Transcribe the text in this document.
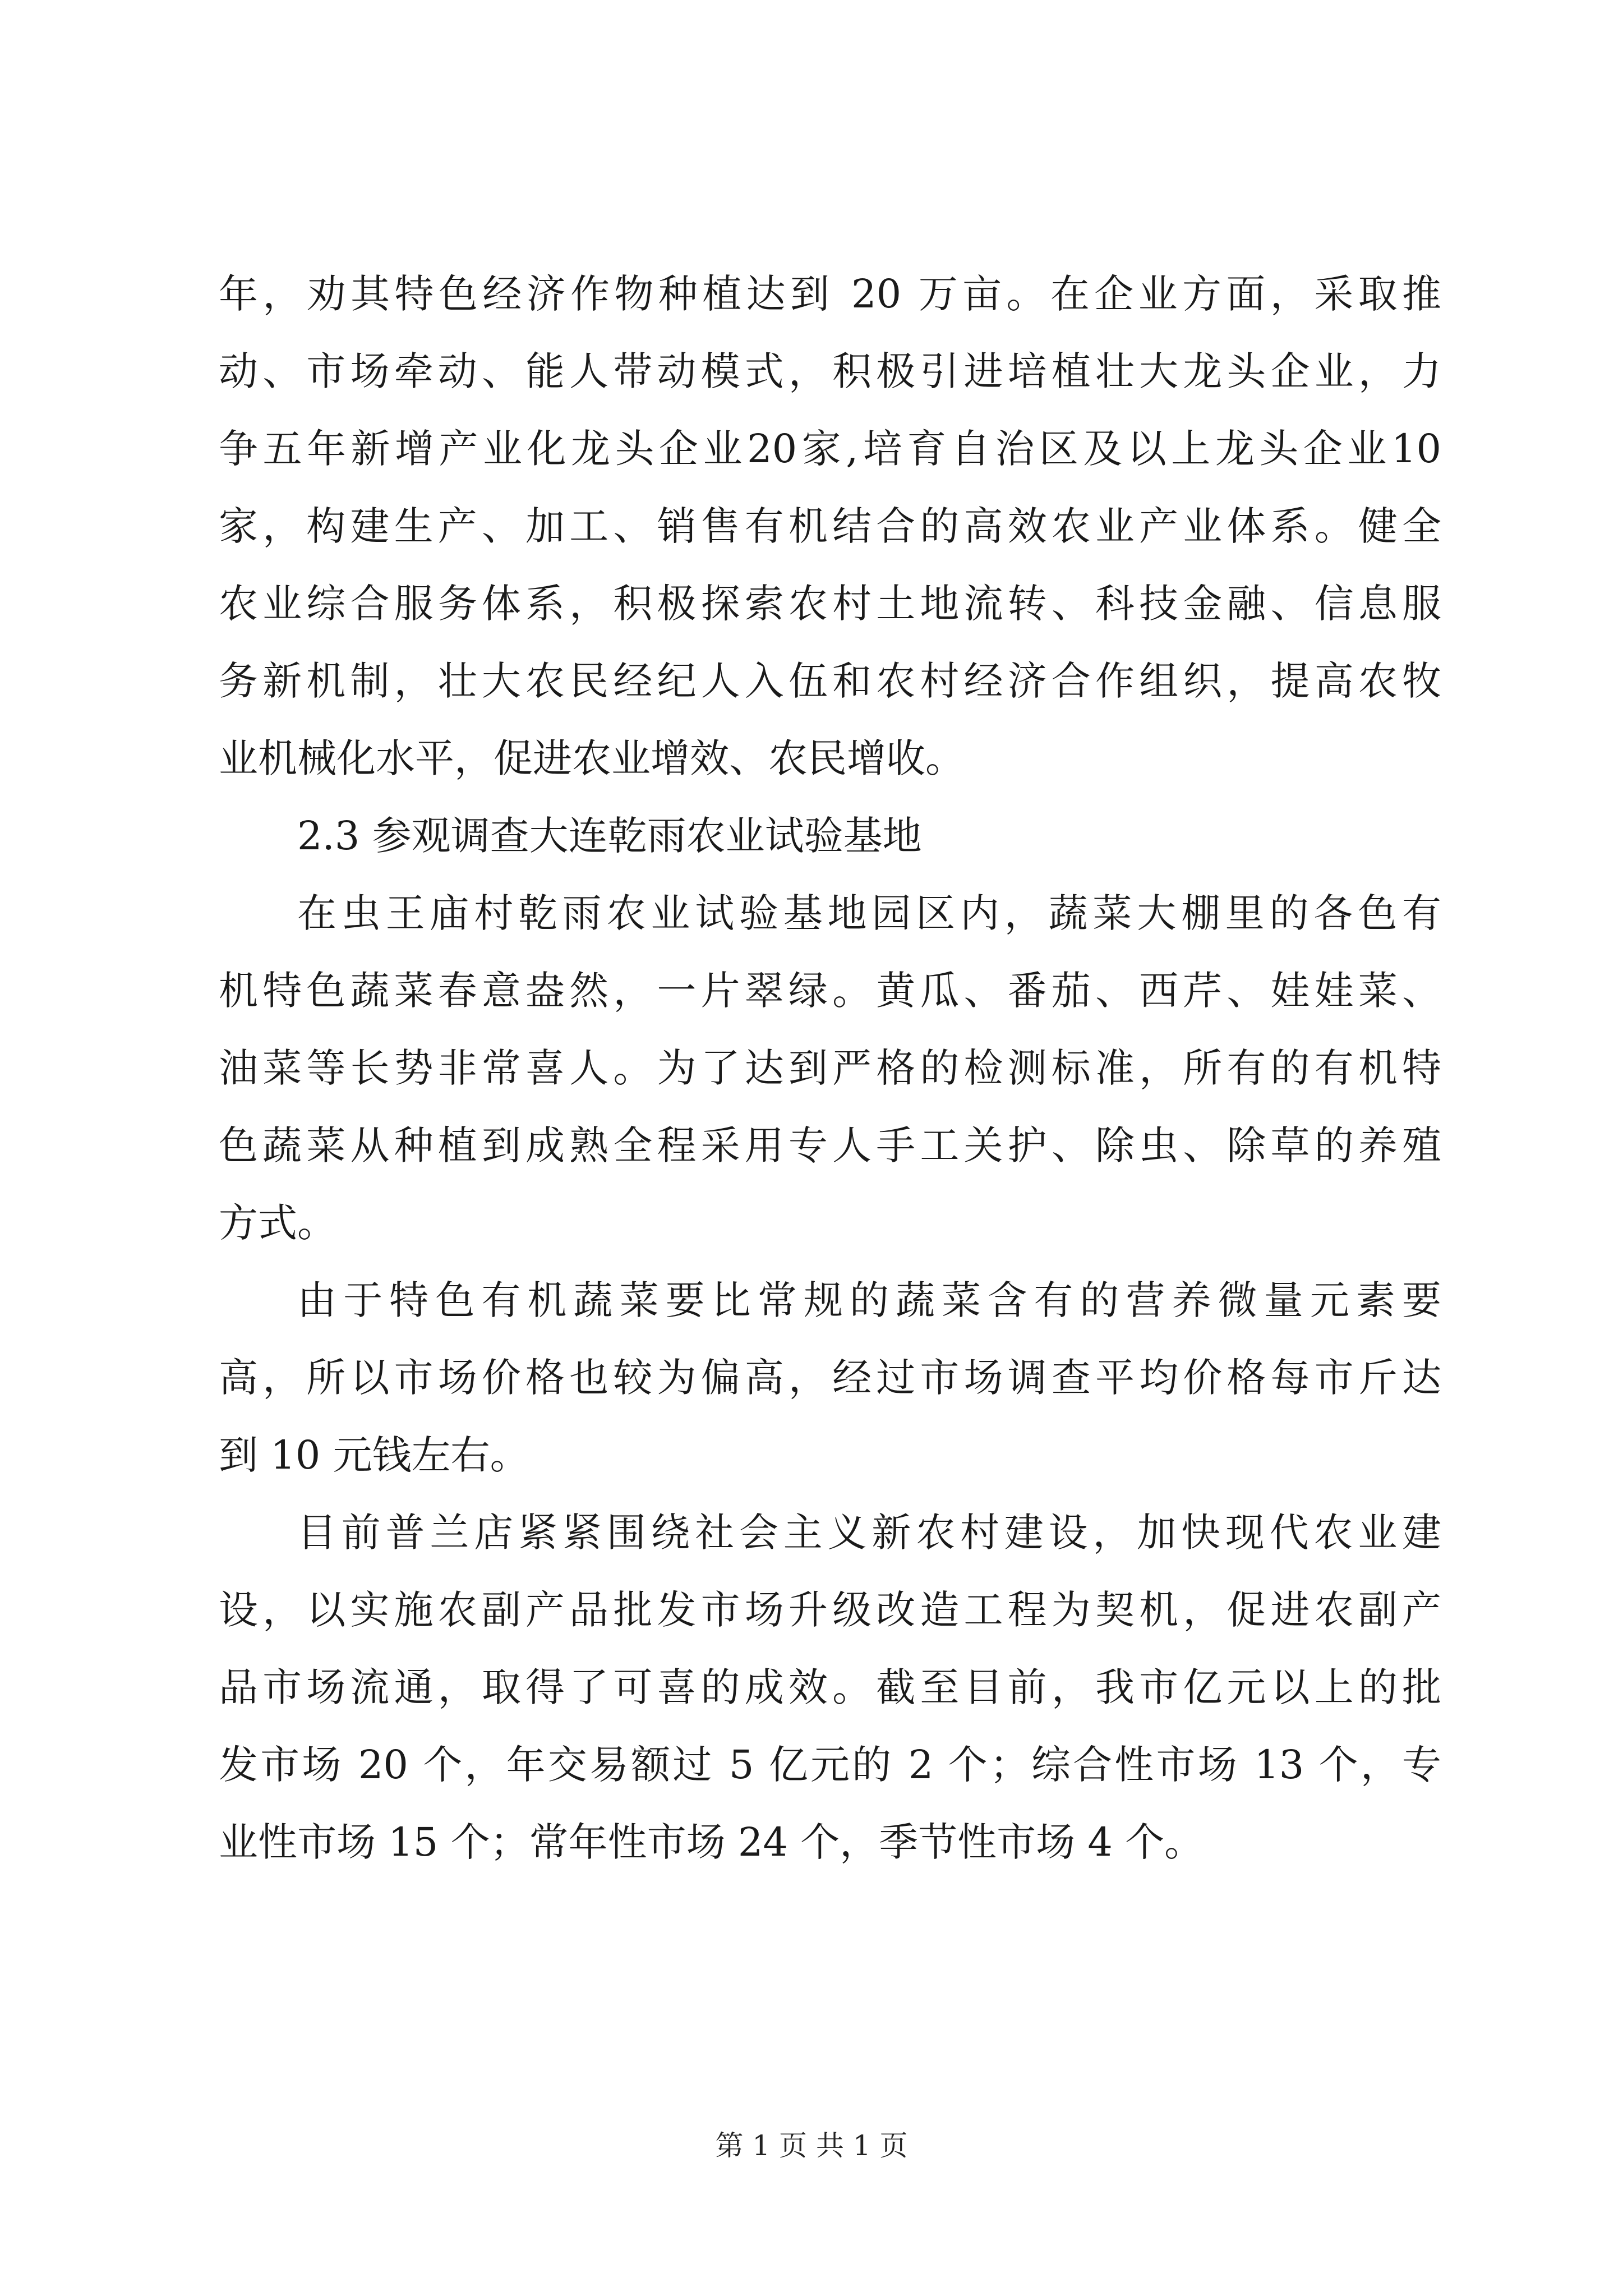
年，劝其特色经济作物种植达到 20 万亩。在企业方面，采取推
动、市场牵动、能人带动模式，积极引进培植壮大龙头企业，力
争五年新增产业化龙头企业20家,培育自治区及以上龙头企业10
家，构建生产、加工、销售有机结合的高效农业产业体系。健全
农业综合服务体系，积极探索农村土地流转、科技金融、信息服
务新机制，壮大农民经纪人入伍和农村经济合作组织，提高农牧
业机械化水平，促进农业增效、农民增收。
2.3 参观调查大连乾雨农业试验基地
在虫王庙村乾雨农业试验基地园区内，蔬菜大棚里的各色有
机特色蔬菜春意盎然，一片翠绿。黄瓜、番茄、西芹、娃娃菜、
油菜等长势非常喜人。为了达到严格的检测标准，所有的有机特
色蔬菜从种植到成熟全程采用专人手工关护、除虫、除草的养殖
方式。
由于特色有机蔬菜要比常规的蔬菜含有的营养微量元素要
高，所以市场价格也较为偏高，经过市场调查平均价格每市斤达
到 10 元钱左右。
目前普兰店紧紧围绕社会主义新农村建设，加快现代农业建
设，以实施农副产品批发市场升级改造工程为契机，促进农副产
品市场流通，取得了可喜的成效。截至目前，我市亿元以上的批
发市场 20 个，年交易额过 5 亿元的 2 个；综合性市场 13 个，专
业性市场 15 个；常年性市场 24 个，季节性市场 4 个。
第 1 页 共 1 页
